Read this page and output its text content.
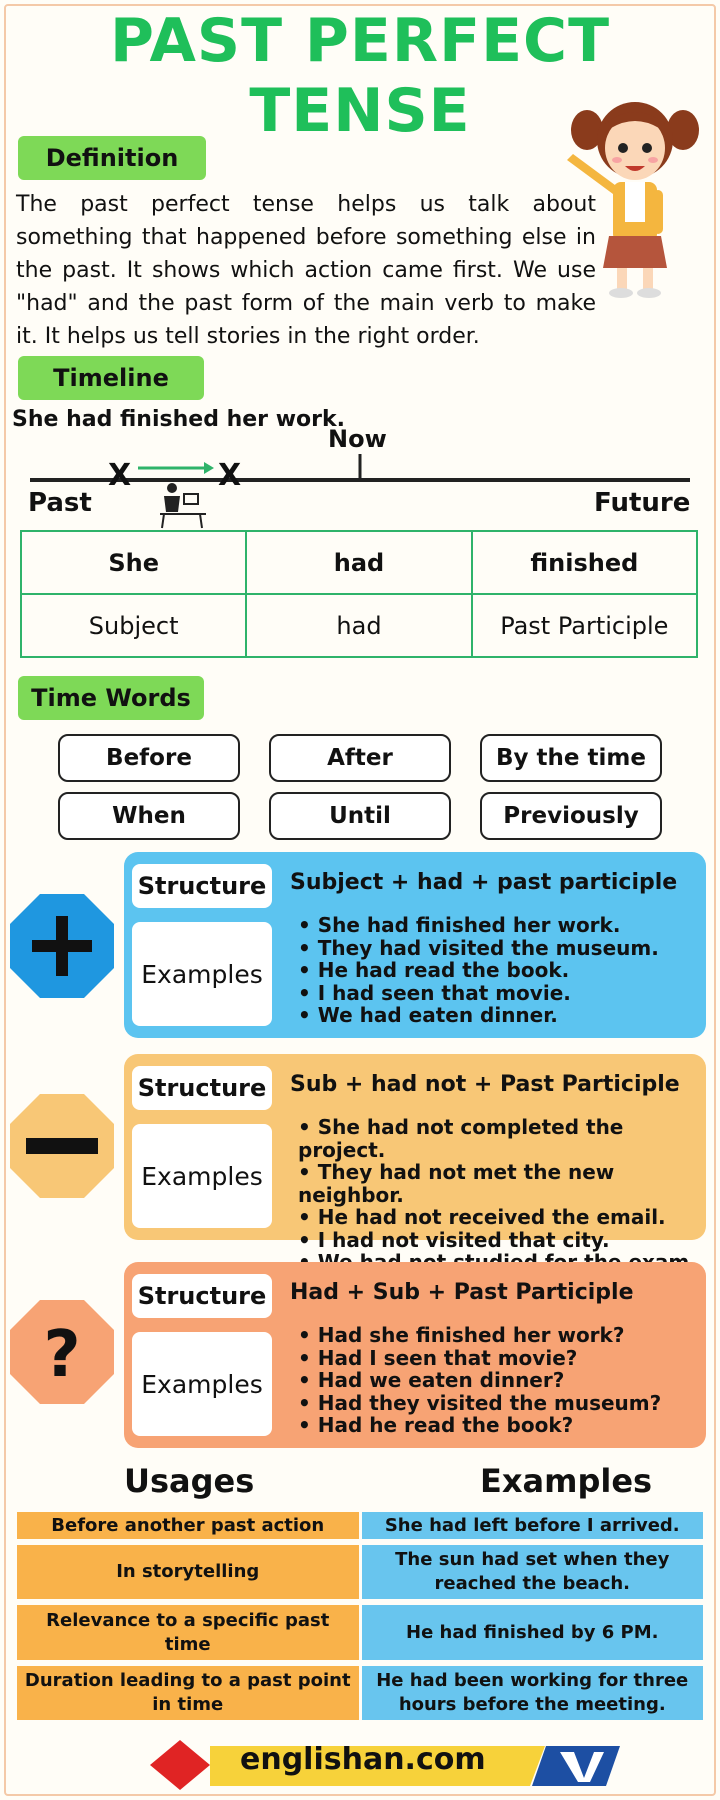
PAST PERFECT
TENSE
Definition
The past perfect tense helps us talk about something that happened before something else in the past. It shows which action came first. We use "had" and the past form of the main verb to make it. It helps us tell stories in the right order.
Timeline
She had finished her work.
Now
X	X
Past	Future
She	had	finished
Subject	had	Past Participle
Time Words
Before	After	By the time
When	Until	Previously
Structure Subject + had + past participle
Examples
• She had finished her work.
• They had visited the museum.
• He had read the book.
• I had seen that movie.
• We had eaten dinner.
Structure Sub + had not + Past Participle
Examples
• She had not completed the project.
• They had not met the new neighbor.
• He had not received the email.
• I had not visited that city.
•
?
Structure Had + Sub + Past Participle
Examples
• Had she finished her work?
• Had I seen that movie?
• Had we eaten dinner?
• Had they visited the museum?
• Had he read the book?
Usages	Examples
Before another past action	She had left before I arrived.
In storytelling	The sun had set when they reached the beach.
Relevance to a specific past time	He had finished by 6 PM.
Duration leading to a past point in time	He had been working for three hours before the meeting.
englishan.com
